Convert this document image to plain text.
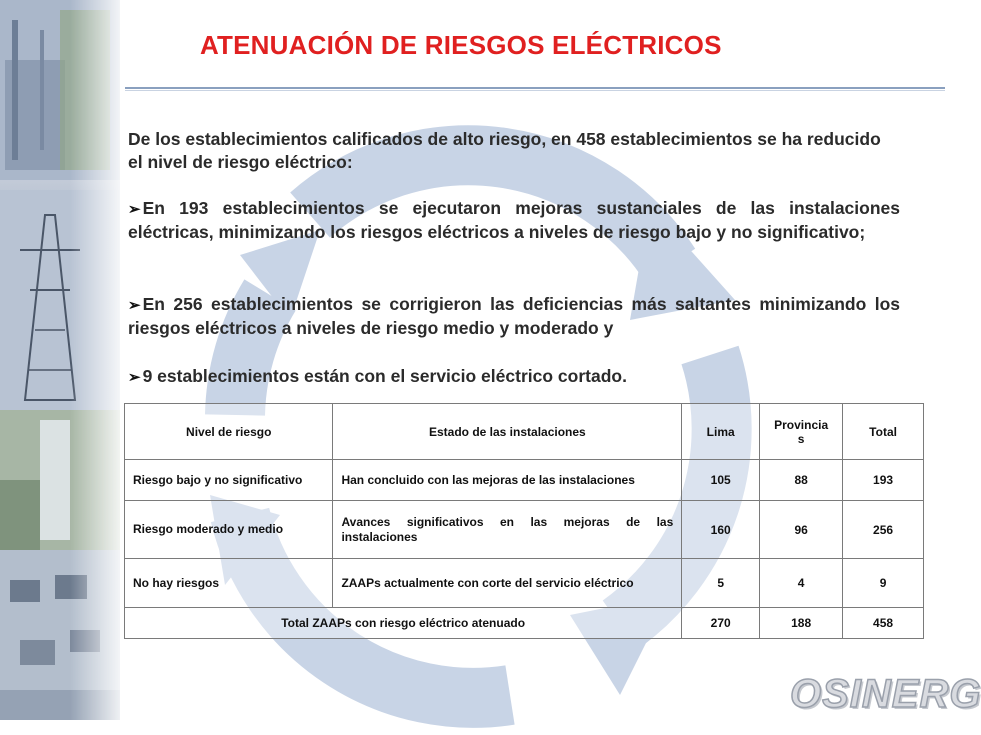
ATENUACIÓN DE RIESGOS ELÉCTRICOS
De los establecimientos calificados de alto riesgo, en 458 establecimientos se ha reducido el nivel de riesgo eléctrico:
➢ En 193 establecimientos se ejecutaron mejoras sustanciales de las instalaciones eléctricas, minimizando los riesgos eléctricos a niveles de riesgo bajo y no significativo;
➢ En 256 establecimientos se corrigieron las deficiencias más saltantes minimizando los riesgos eléctricos a niveles de riesgo medio y moderado y
➢ 9 establecimientos están con el servicio eléctrico cortado.
Nivel de riesgo	Estado de las instalaciones	Lima	Provincia s	Total
Riesgo bajo y no significativo	Han concluido con las mejoras de las instalaciones	105	88	193
Riesgo moderado y medio	Avances significativos en las mejoras de las instalaciones	160	96	256
No hay riesgos	ZAAPs actualmente con corte del servicio eléctrico	5	4	9
Total ZAAPs con riesgo eléctrico atenuado		270	188	458
OSINERG
